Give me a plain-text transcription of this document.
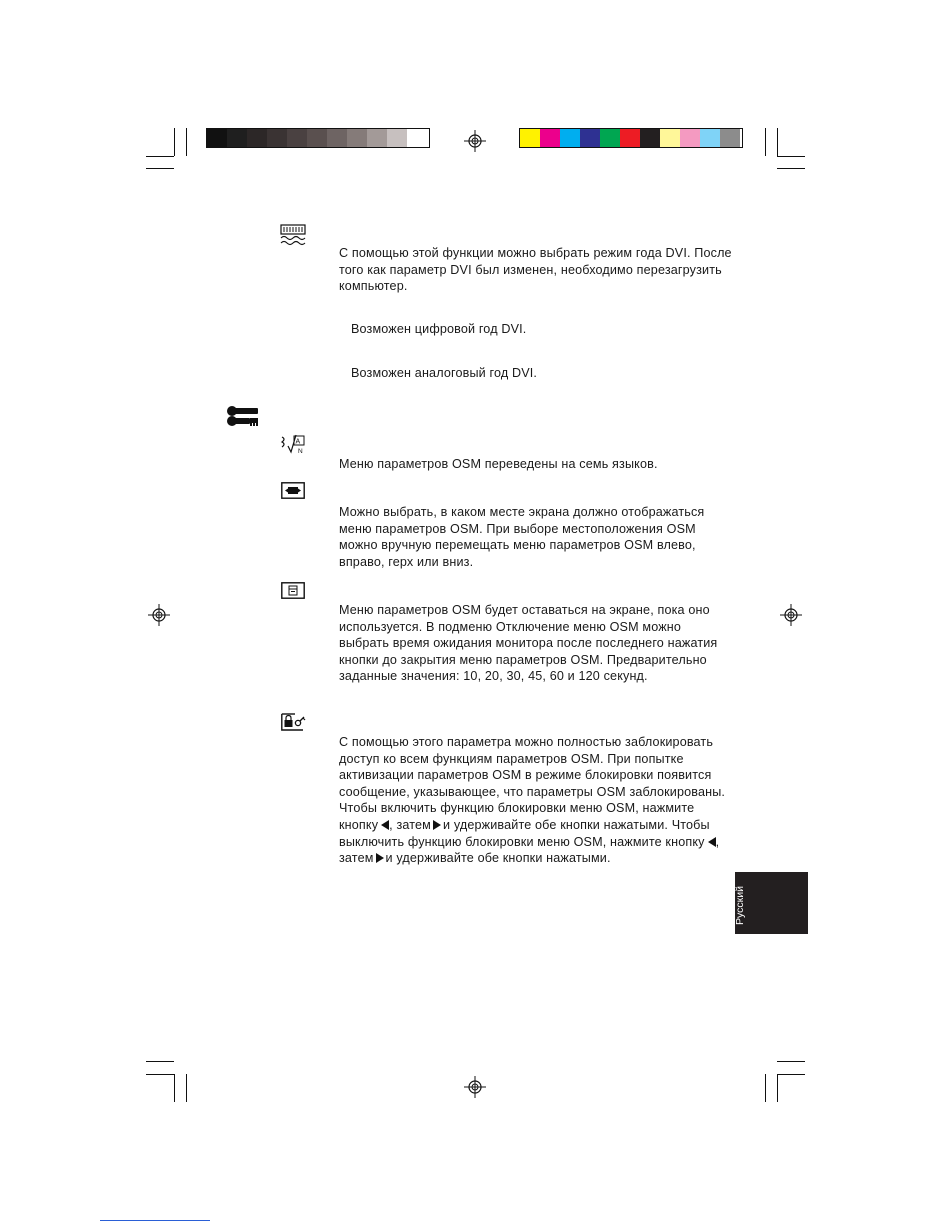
С помощью этой функции можно выбрать режим года DVI. После того как параметр DVI был изменен, необходимо перезагрузить компьютер.

Возможен цифровой год DVI.

Возможен аналоговый год DVI.

A
N

Меню параметров OSM переведены на семь языков.

Можно выбрать, в каком месте экрана должно отображаться меню параметров OSM. При выборе местоположения OSM можно вручную перемещать меню параметров OSM влево, вправо, герх или вниз.

Меню параметров OSM будет оставаться на экране, пока оно используется. В подменю Отключение меню OSM можно выбрать время ожидания монитора после последнего нажатия кнопки до закрытия меню параметров OSM. Предварительно заданные значения: 10, 20, 30, 45, 60 и 120 секунд.

С помощью этого параметра можно полностью заблокировать доступ ко всем функциям параметров OSM. При попытке активизации параметров OSM в режиме блокировки появится сообщение, указывающее, что параметры OSM заблокированы. Чтобы включить функцию блокировки меню OSM, нажмите кнопку , затем и удерживайте обе кнопки нажатыми. Чтобы выключить функцию блокировки меню OSM, нажмите кнопку , затем и удерживайте обе кнопки нажатыми.

Русский
